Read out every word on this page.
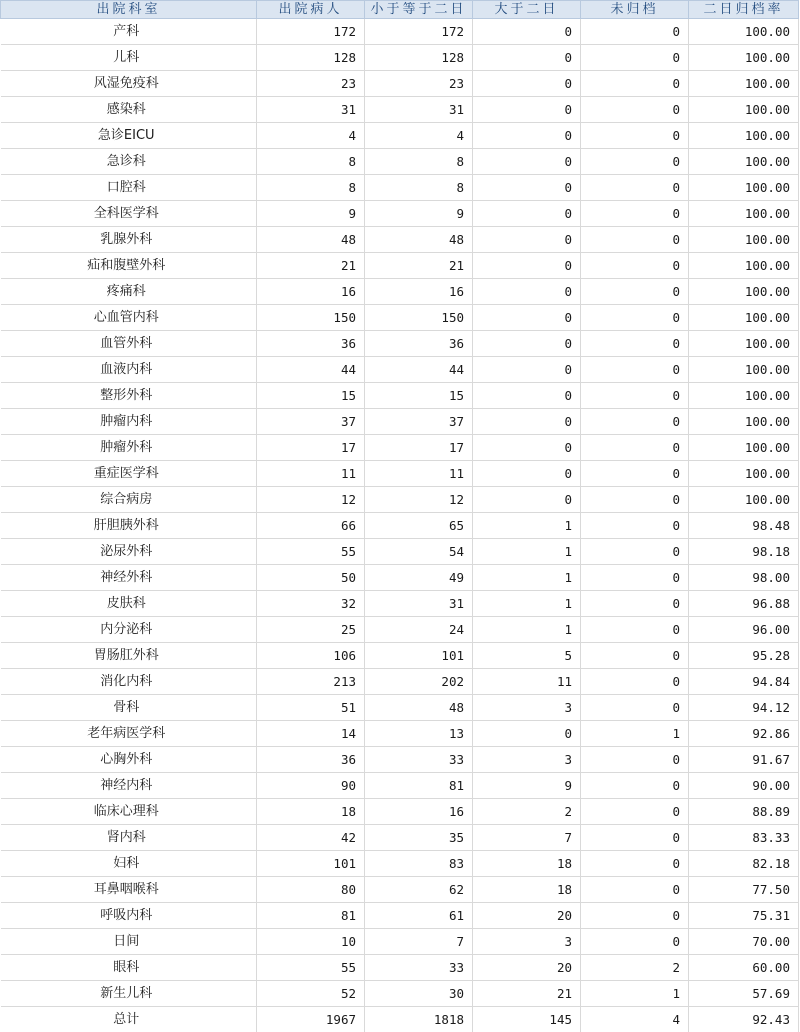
出院科室	出院病人	小于等于二日	大于二日	未归档	二日归档率
产科	172	172	0	0	100.00
儿科	128	128	0	0	100.00
风湿免疫科	23	23	0	0	100.00
感染科	31	31	0	0	100.00
急诊EICU	4	4	0	0	100.00
急诊科	8	8	0	0	100.00
口腔科	8	8	0	0	100.00
全科医学科	9	9	0	0	100.00
乳腺外科	48	48	0	0	100.00
疝和腹壁外科	21	21	0	0	100.00
疼痛科	16	16	0	0	100.00
心血管内科	150	150	0	0	100.00
血管外科	36	36	0	0	100.00
血液内科	44	44	0	0	100.00
整形外科	15	15	0	0	100.00
肿瘤内科	37	37	0	0	100.00
肿瘤外科	17	17	0	0	100.00
重症医学科	11	11	0	0	100.00
综合病房	12	12	0	0	100.00
肝胆胰外科	66	65	1	0	98.48
泌尿外科	55	54	1	0	98.18
神经外科	50	49	1	0	98.00
皮肤科	32	31	1	0	96.88
内分泌科	25	24	1	0	96.00
胃肠肛外科	106	101	5	0	95.28
消化内科	213	202	11	0	94.84
骨科	51	48	3	0	94.12
老年病医学科	14	13	0	1	92.86
心胸外科	36	33	3	0	91.67
神经内科	90	81	9	0	90.00
临床心理科	18	16	2	0	88.89
肾内科	42	35	7	0	83.33
妇科	101	83	18	0	82.18
耳鼻咽喉科	80	62	18	0	77.50
呼吸内科	81	61	20	0	75.31
日间	10	7	3	0	70.00
眼科	55	33	20	2	60.00
新生儿科	52	30	21	1	57.69
总计	1967	1818	145	4	92.43
